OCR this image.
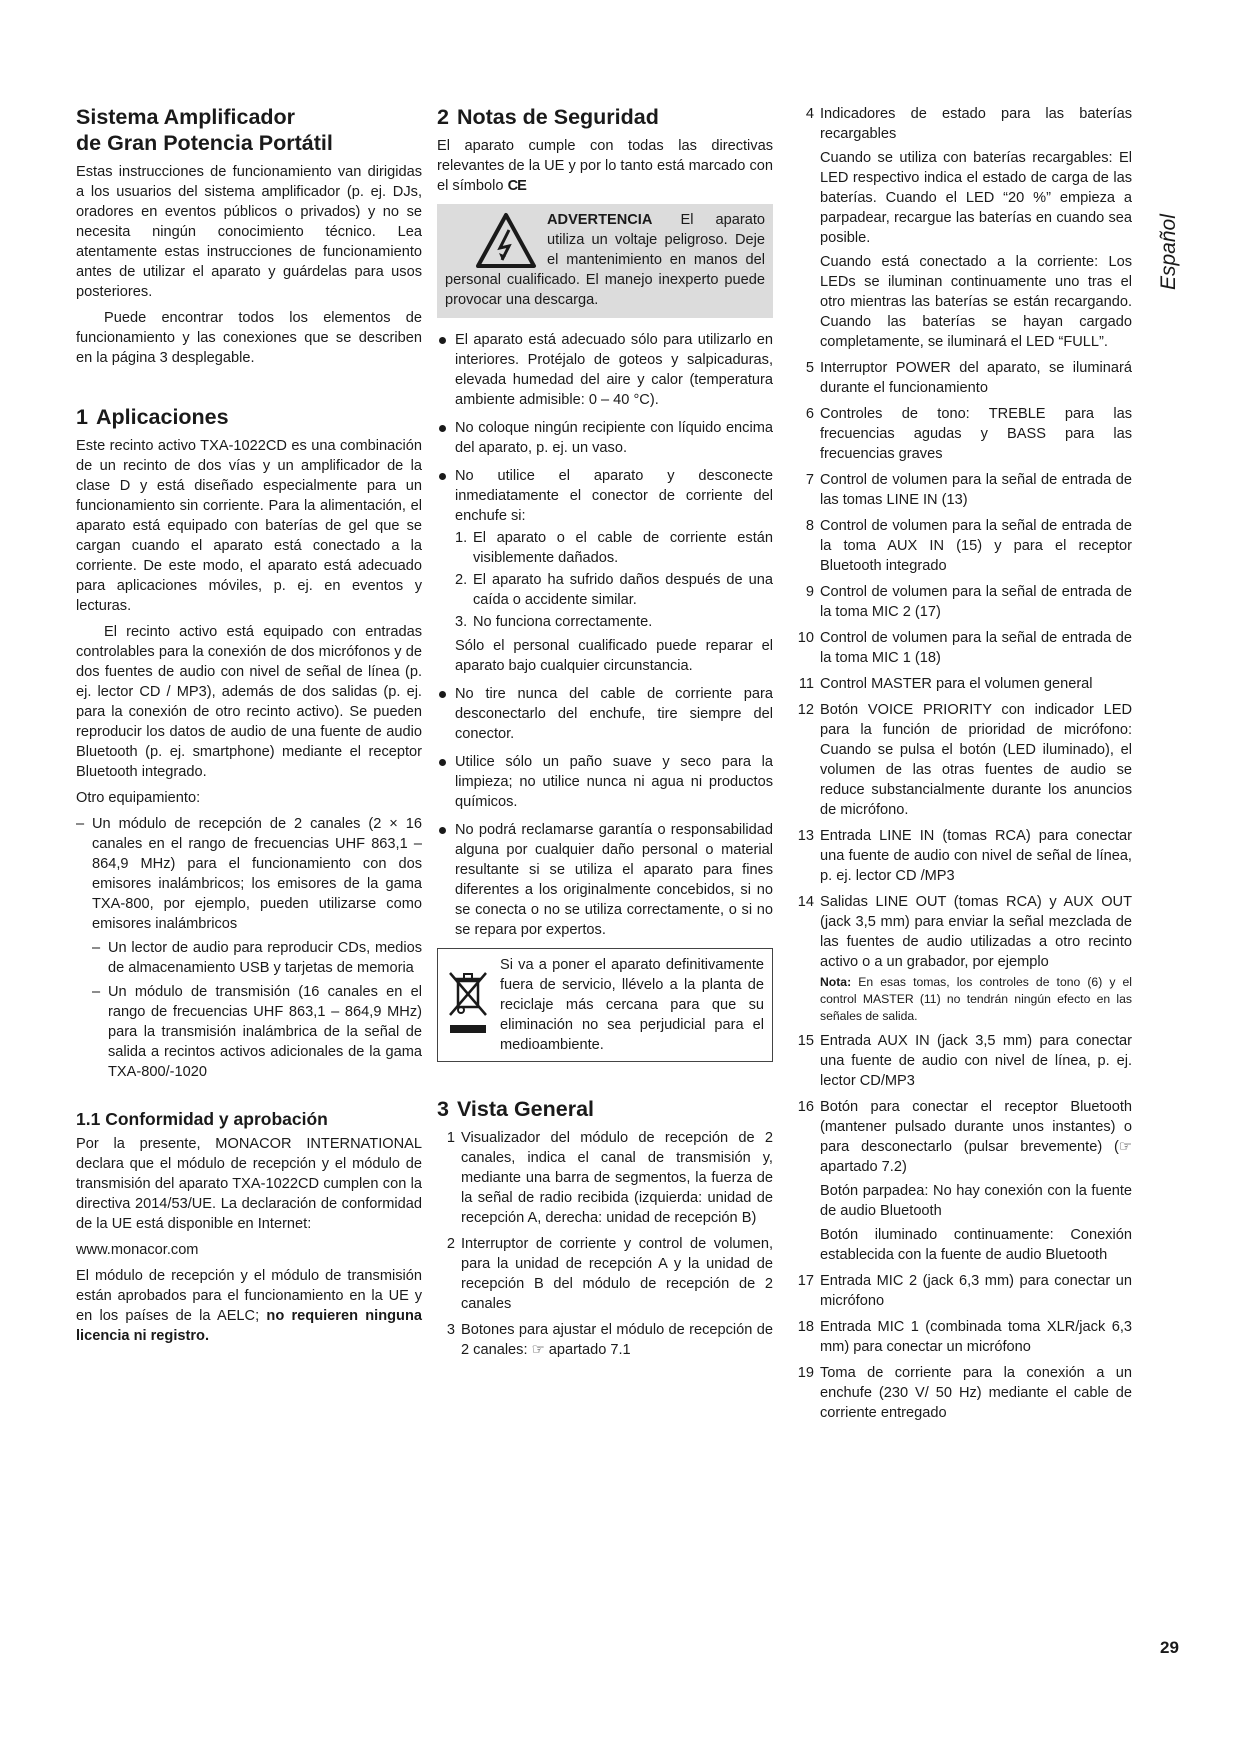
Sistema Amplificador
de Gran Potencia Portátil

Estas instrucciones de funcionamiento van dirigidas a los usuarios del sistema amplificador (p. ej. DJs, oradores en eventos públicos o privados) y no se necesita ningún conocimiento técnico. Lea atentamente estas instrucciones de funcionamiento antes de utilizar el aparato y guárdelas para usos posteriores.

Puede encontrar todos los elementos de funcionamiento y las conexiones que se describen en la página 3 desplegable.

1 Aplicaciones

Este recinto activo TXA-1022CD es una combinación de un recinto de dos vías y un amplificador de la clase D y está diseñado especialmente para un funcionamiento sin corriente. Para la alimentación, el aparato está equipado con baterías de gel que se cargan cuando el aparato está conectado a la corriente. De este modo, el aparato está adecuado para aplicaciones móviles, p. ej. en eventos y lecturas.

El recinto activo está equipado con entradas controlables para la conexión de dos micrófonos y de dos fuentes de audio con nivel de señal de línea (p. ej. lector CD / MP3), además de dos salidas (p. ej. para la conexión de otro recinto activo). Se pueden reproducir los datos de audio de una fuente de audio Bluetooth (p. ej. smartphone) mediante el receptor Bluetooth integrado.

Otro equipamiento:

– Un módulo de recepción de 2 canales (2 × 16 canales en el rango de frecuencias UHF 863,1 – 864,9 MHz) para el funcionamiento con dos emisores inalámbricos; los emisores de la gama TXA-800, por ejemplo, pueden utilizarse como emisores inalámbricos
– Un lector de audio para reproducir CDs, medios de almacenamiento USB y tarjetas de memoria
– Un módulo de transmisión (16 canales en el rango de frecuencias UHF 863,1 – 864,9 MHz) para la transmisión inalámbrica de la señal de salida a recintos activos adicionales de la gama TXA-800/-1020
1.1 Conformidad y aprobación

Por la presente, MONACOR INTERNATIONAL declara que el módulo de recepción y el módulo de transmisión del aparato TXA-1022CD cumplen con la directiva 2014/53/UE. La declaración de conformidad de la UE está disponible en Internet:

www.monacor.com

El módulo de recepción y el módulo de transmisión están aprobados para el funcionamiento en la UE y en los países de la AELC; no requieren ninguna licencia ni registro.

2 Notas de Seguridad

El aparato cumple con todas las directivas relevantes de la UE y por lo tanto está marcado con el símbolo CE

ADVERTENCIA El aparato utiliza un voltaje peligroso. Deje el mantenimiento en manos del personal cualificado. El manejo inexperto puede provocar una descarga.
El aparato está adecuado sólo para utilizarlo en interiores. Protéjalo de goteos y salpicaduras, elevada humedad del aire y calor (temperatura ambiente admisible: 0 – 40 °C).
No coloque ningún recipiente con líquido encima del aparato, p. ej. un vaso.
No utilice el aparato y desconecte inmediatamente el conector de corriente del enchufe si:
1. El aparato o el cable de corriente están visiblemente dañados.
2. El aparato ha sufrido daños después de una caída o accidente similar.
3. No funciona correctamente.
Sólo el personal cualificado puede reparar el aparato bajo cualquier circunstancia.
No tire nunca del cable de corriente para desconectarlo del enchufe, tire siempre del conector.
Utilice sólo un paño suave y seco para la limpieza; no utilice nunca ni agua ni productos químicos.
No podrá reclamarse garantía o responsabilidad alguna por cualquier daño personal o material resultante si se utiliza el aparato para fines diferentes a los originalmente concebidos, si no se conecta o no se utiliza correctamente, o si no se repara por expertos.
Si va a poner el aparato definitivamente fuera de servicio, llévelo a la planta de reciclaje más cercana para que su eliminación no sea perjudicial para el medioambiente.
3 Vista General
1 Visualizador del módulo de recepción de 2 canales, indica el canal de transmisión y, mediante una barra de segmentos, la fuerza de la señal de radio recibida (izquierda: unidad de recepción A, derecha: unidad de recepción B)
2 Interruptor de corriente y control de volumen, para la unidad de recepción A y la unidad de recepción B del módulo de recepción de 2 canales
3 Botones para ajustar el módulo de recepción de 2 canales: ☞ apartado 7.1
4 Indicadores de estado para las baterías recargables
Cuando se utiliza con baterías recargables: El LED respectivo indica el estado de carga de las baterías. Cuando el LED “20 %” empieza a parpadear, recargue las baterías en cuando sea posible.
Cuando está conectado a la corriente: Los LEDs se iluminan continuamente uno tras el otro mientras las baterías se están recargando. Cuando las baterías se hayan cargado completamente, se iluminará el LED “FULL”.
5 Interruptor POWER del aparato, se iluminará durante el funcionamiento
6 Controles de tono: TREBLE para las frecuencias agudas y BASS para las frecuencias graves
7 Control de volumen para la señal de entrada de las tomas LINE IN (13)
8 Control de volumen para la señal de entrada de la toma AUX IN (15) y para el receptor Bluetooth integrado
9 Control de volumen para la señal de entrada de la toma MIC 2 (17)
10 Control de volumen para la señal de entrada de la toma MIC 1 (18)
11 Control MASTER para el volumen general
12 Botón VOICE PRIORITY con indicador LED para la función de prioridad de micrófono: Cuando se pulsa el botón (LED iluminado), el volumen de las otras fuentes de audio se reduce substancialmente durante los anuncios de micrófono.
13 Entrada LINE IN (tomas RCA) para conectar una fuente de audio con nivel de señal de línea, p. ej. lector CD /MP3
14 Salidas LINE OUT (tomas RCA) y AUX OUT (jack 3,5 mm) para enviar la señal mezclada de las fuentes de audio utilizadas a otro recinto activo o a un grabador, por ejemplo
Nota: En esas tomas, los controles de tono (6) y el control MASTER (11) no tendrán ningún efecto en las señales de salida.
15 Entrada AUX IN (jack 3,5 mm) para conectar una fuente de audio con nivel de línea, p. ej. lector CD/MP3
16 Botón para conectar el receptor Bluetooth (mantener pulsado durante unos instantes) o para desconectarlo (pulsar brevemente) (☞ apartado 7.2)
Botón parpadea: No hay conexión con la fuente de audio Bluetooth
Botón iluminado continuamente: Conexión establecida con la fuente de audio Bluetooth
17 Entrada MIC 2 (jack 6,3 mm) para conectar un micrófono
18 Entrada MIC 1 (combinada toma XLR/jack 6,3 mm) para conectar un micrófono
19 Toma de corriente para la conexión a un enchufe (230 V/ 50 Hz) mediante el cable de corriente entregado
Español
29
